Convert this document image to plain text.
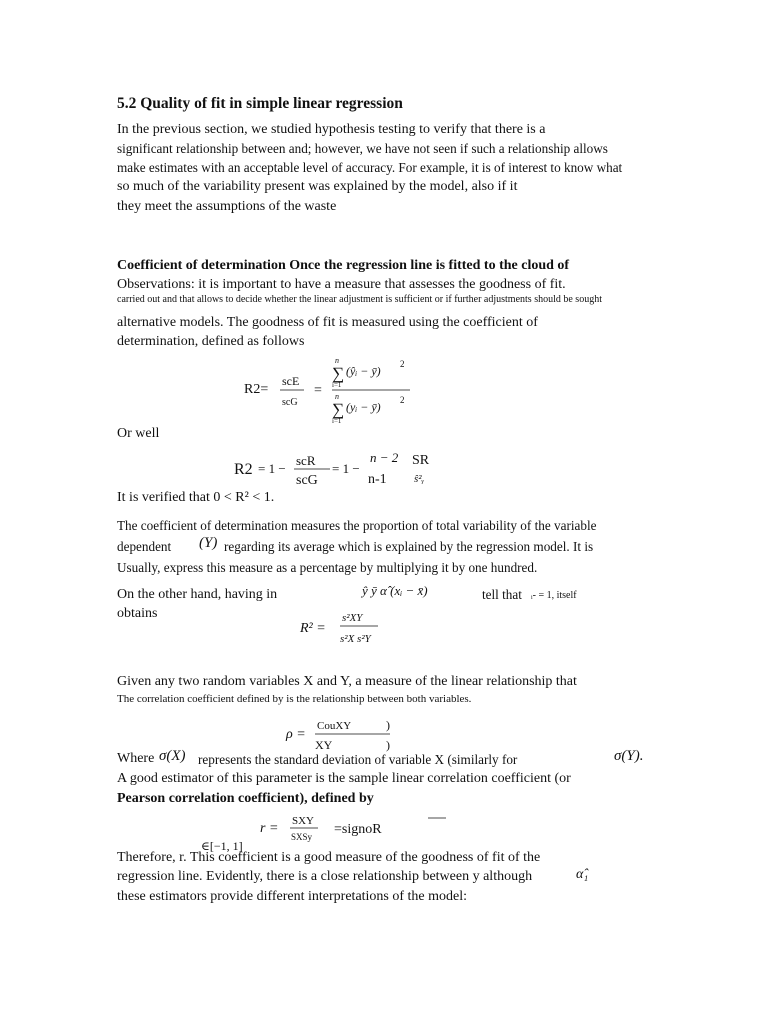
5.2 Quality of fit in simple linear regression
In the previous section, we studied hypothesis testing to verify that there is a
significant relationship between and; however, we have not seen if such a relationship allows
make estimates with an acceptable level of accuracy. For example, it is of interest to know what
so much of the variability present was explained by the model, also if it
they meet the assumptions of the waste
Coefficient of determination Once the regression line is fitted to the cloud of
Observations: it is important to have a measure that assesses the goodness of fit.
carried out and that allows to decide whether the linear adjustment is sufficient or if further adjustments should be sought
alternative models. The goodness of fit is measured using the coefficient of
determination, defined as follows
R2=
scE
scG
=
n
∑
i=1
(ŷᵢ − ȳ) 2
n
∑
i=1
(yᵢ − ȳ) 2
Or well
R2 = 1 −
scR
scG
= 1 −
n − 2
n-1
SR
ŝ²ᵧ
It is verified that 0 < R² < 1.
The coefficient of determination measures the proportion of total variability of the variable
dependent (Y) regarding its average which is explained by the regression model. It is
Usually, express this measure as a percentage by multiplying it by one hundred.
On the other hand, having in	ŷ ȳ α̂ (xᵢ − x̄)	tell that ᵢ- = 1, itself
obtains
R² =
s²XY
s²X s²Y
Given any two random variables X and Y, a measure of the linear relationship that
The correlation coefficient defined by is the relationship between both variables.
ρ =
CouXY	)
XY	)
Where σ(X) represents the standard deviation of variable X (similarly for	σ(Y).
A good estimator of this parameter is the sample linear correlation coefficient (or
Pearson correlation coefficient), defined by
r = SXY
SXSy =signoR
∈[−1, 1]
Therefore, r. This coefficient is a good measure of the goodness of fit of the
regression line. Evidently, there is a close relationship between y although	α̂₁
these estimators provide different interpretations of the model:
